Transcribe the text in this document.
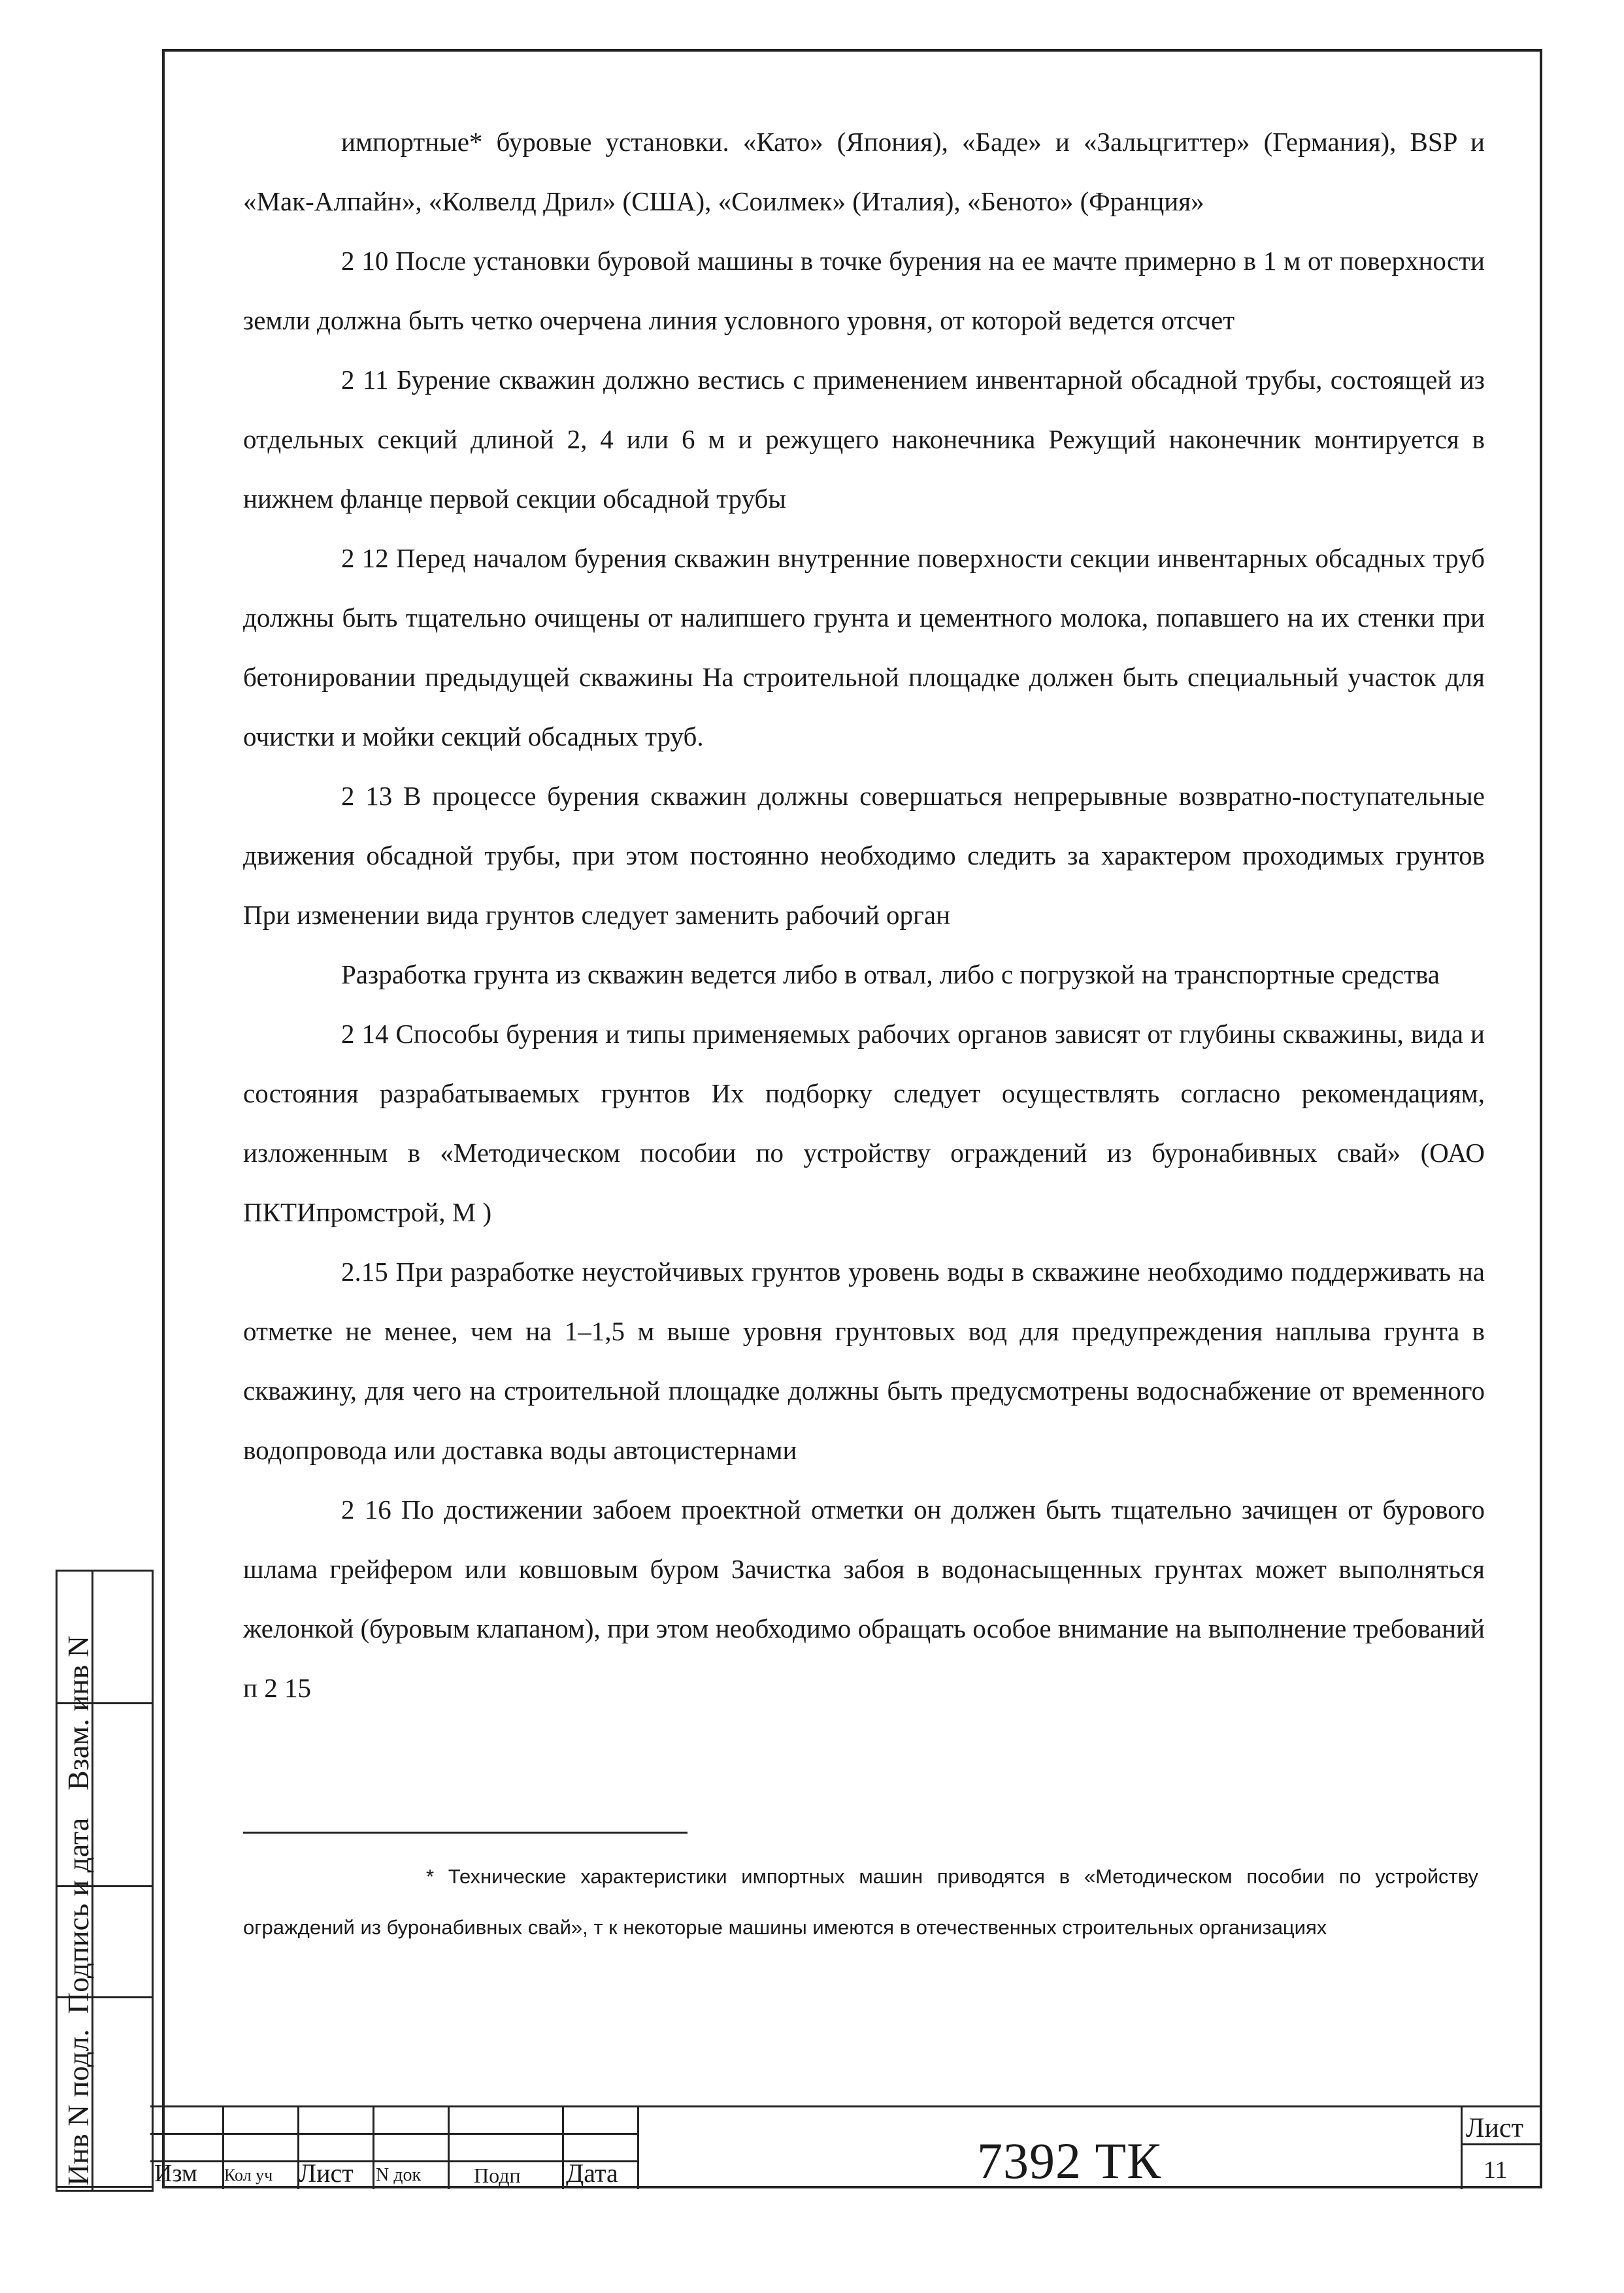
импортные* буровые установки. «Като» (Япония), «Баде» и «Зальцгиттер» (Германия), BSP и «Мак-Алпайн», «Колвелд Дрил» (США), «Соилмек» (Италия), «Беното» (Франция»

2 10 После установки буровой машины в точке бурения на ее мачте примерно в 1 м от поверхности земли должна быть четко очерчена линия условного уровня, от которой ведется отсчет

2 11 Бурение скважин должно вестись с применением инвентарной обсадной трубы, состоящей из отдельных секций длиной 2, 4 или 6 м и режущего наконечника Режущий наконечник монтируется в нижнем фланце первой секции обсадной трубы

2 12 Перед началом бурения скважин внутренние поверхности секции инвентарных обсадных труб должны быть тщательно очищены от налипшего грунта и цементного молока, попавшего на их стенки при бетонировании предыдущей скважины На строительной площадке должен быть специальный участок для очистки и мойки секций обсадных труб.

2 13 В процессе бурения скважин должны совершаться непрерывные возвратно-поступательные движения обсадной трубы, при этом постоянно необходимо следить за характером проходимых грунтов При изменении вида грунтов следует заменить рабочий орган

Разработка грунта из скважин ведется либо в отвал, либо с погрузкой на транспортные средства

2 14 Способы бурения и типы применяемых рабочих органов зависят от глубины скважины, вида и состояния разрабатываемых грунтов Их подборку следует осуществлять согласно рекомендациям, изложенным в «Методическом пособии по устройству ограждений из буронабивных свай» (ОАО ПКТИпромстрой, М )

2.15 При разработке неустойчивых грунтов уровень воды в скважине необходимо поддерживать на отметке не менее, чем на 1–1,5 м выше уровня грунтовых вод для предупреждения наплыва грунта в скважину, для чего на строительной площадке должны быть предусмотрены водоснабжение от временного водопровода или доставка воды автоцистернами

2 16 По достижении забоем проектной отметки он должен быть тщательно зачищен от бурового шлама грейфером или ковшовым буром Зачистка забоя в водонасыщенных грунтах может выполняться желонкой (буровым клапаном), при этом необходимо обращать особое внимание на выполнение требований п 2 15

* Технические характеристики импортных машин приводятся в «Методическом пособии по устройству ограждений из буронабивных свай», т к некоторые машины имеются в отечественных строительных организациях
Взам. инв N
Подпись и дата
Инв N подл. Изм Кол уч Лист N док	Подп Дата	7392 ТК
Лист
11
